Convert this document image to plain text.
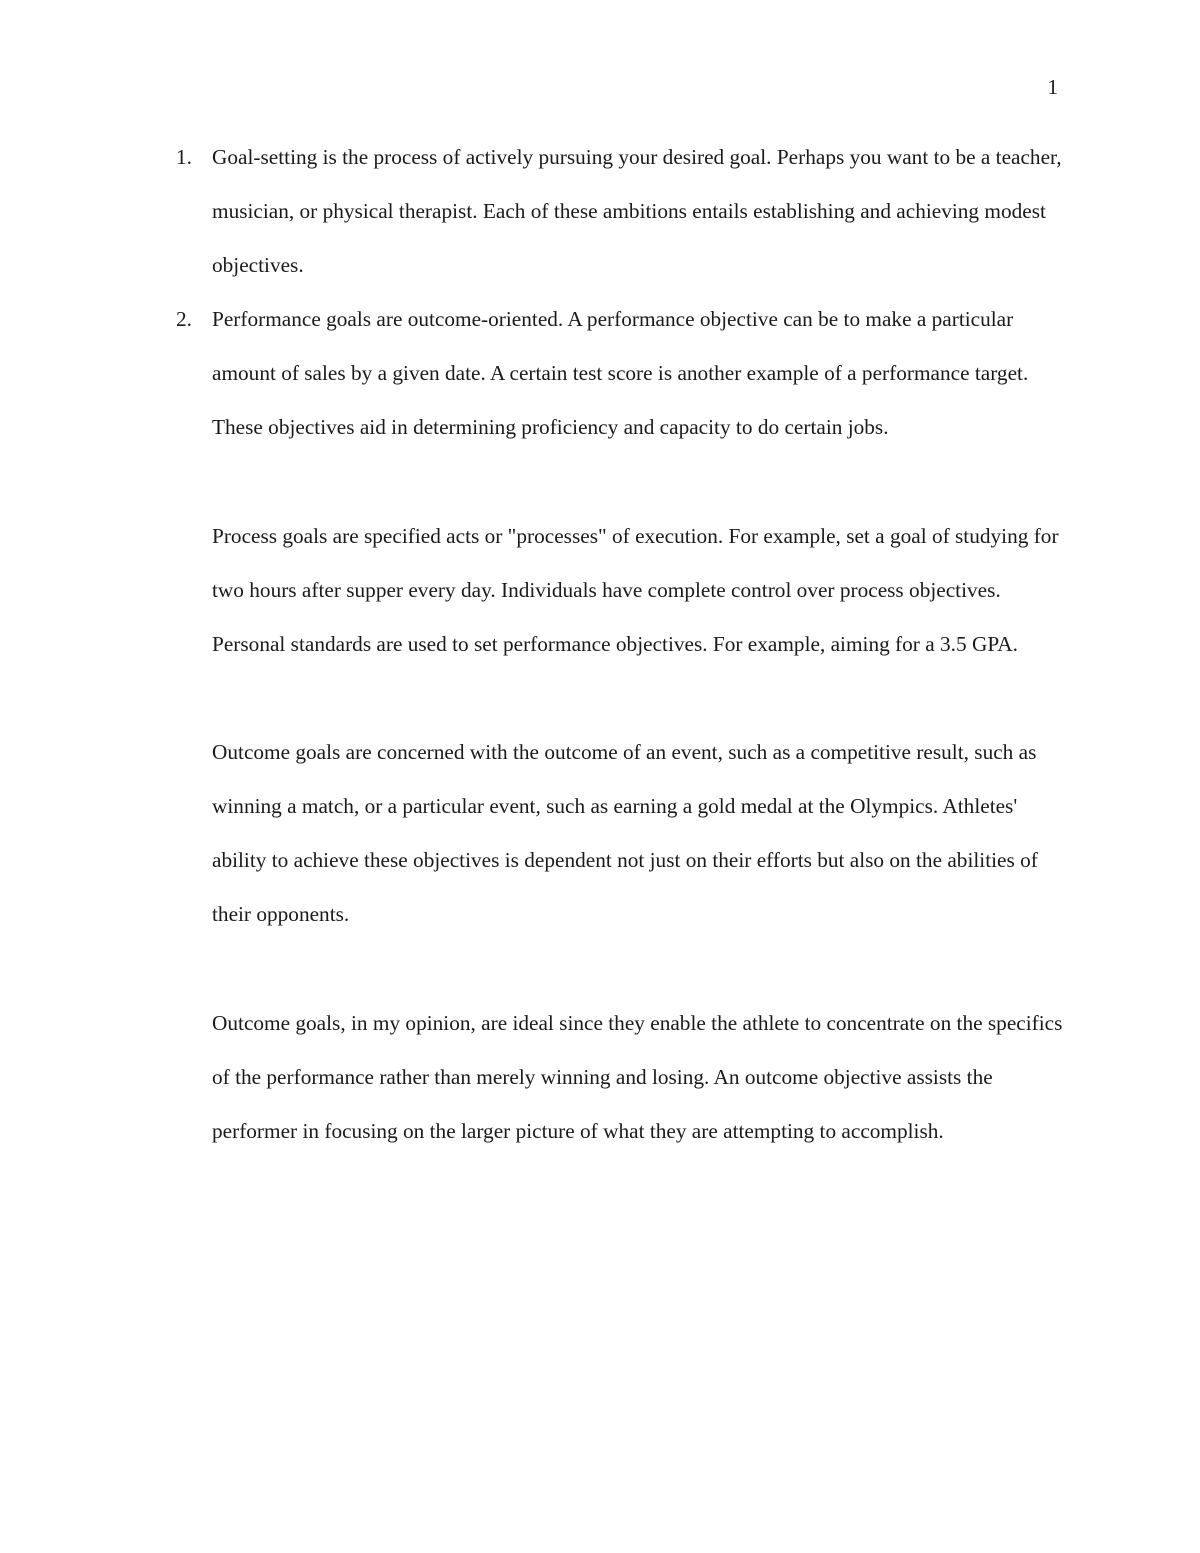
1
1. Goal-setting is the process of actively pursuing your desired goal. Perhaps you want to be a teacher, musician, or physical therapist. Each of these ambitions entails establishing and achieving modest objectives.
2. Performance goals are outcome-oriented. A performance objective can be to make a particular amount of sales by a given date. A certain test score is another example of a performance target. These objectives aid in determining proficiency and capacity to do certain jobs.

Process goals are specified acts or "processes" of execution. For example, set a goal of studying for two hours after supper every day. Individuals have complete control over process objectives. Personal standards are used to set performance objectives. For example, aiming for a 3.5 GPA.

Outcome goals are concerned with the outcome of an event, such as a competitive result, such as winning a match, or a particular event, such as earning a gold medal at the Olympics. Athletes' ability to achieve these objectives is dependent not just on their efforts but also on the abilities of their opponents.

Outcome goals, in my opinion, are ideal since they enable the athlete to concentrate on the specifics of the performance rather than merely winning and losing. An outcome objective assists the performer in focusing on the larger picture of what they are attempting to accomplish.
